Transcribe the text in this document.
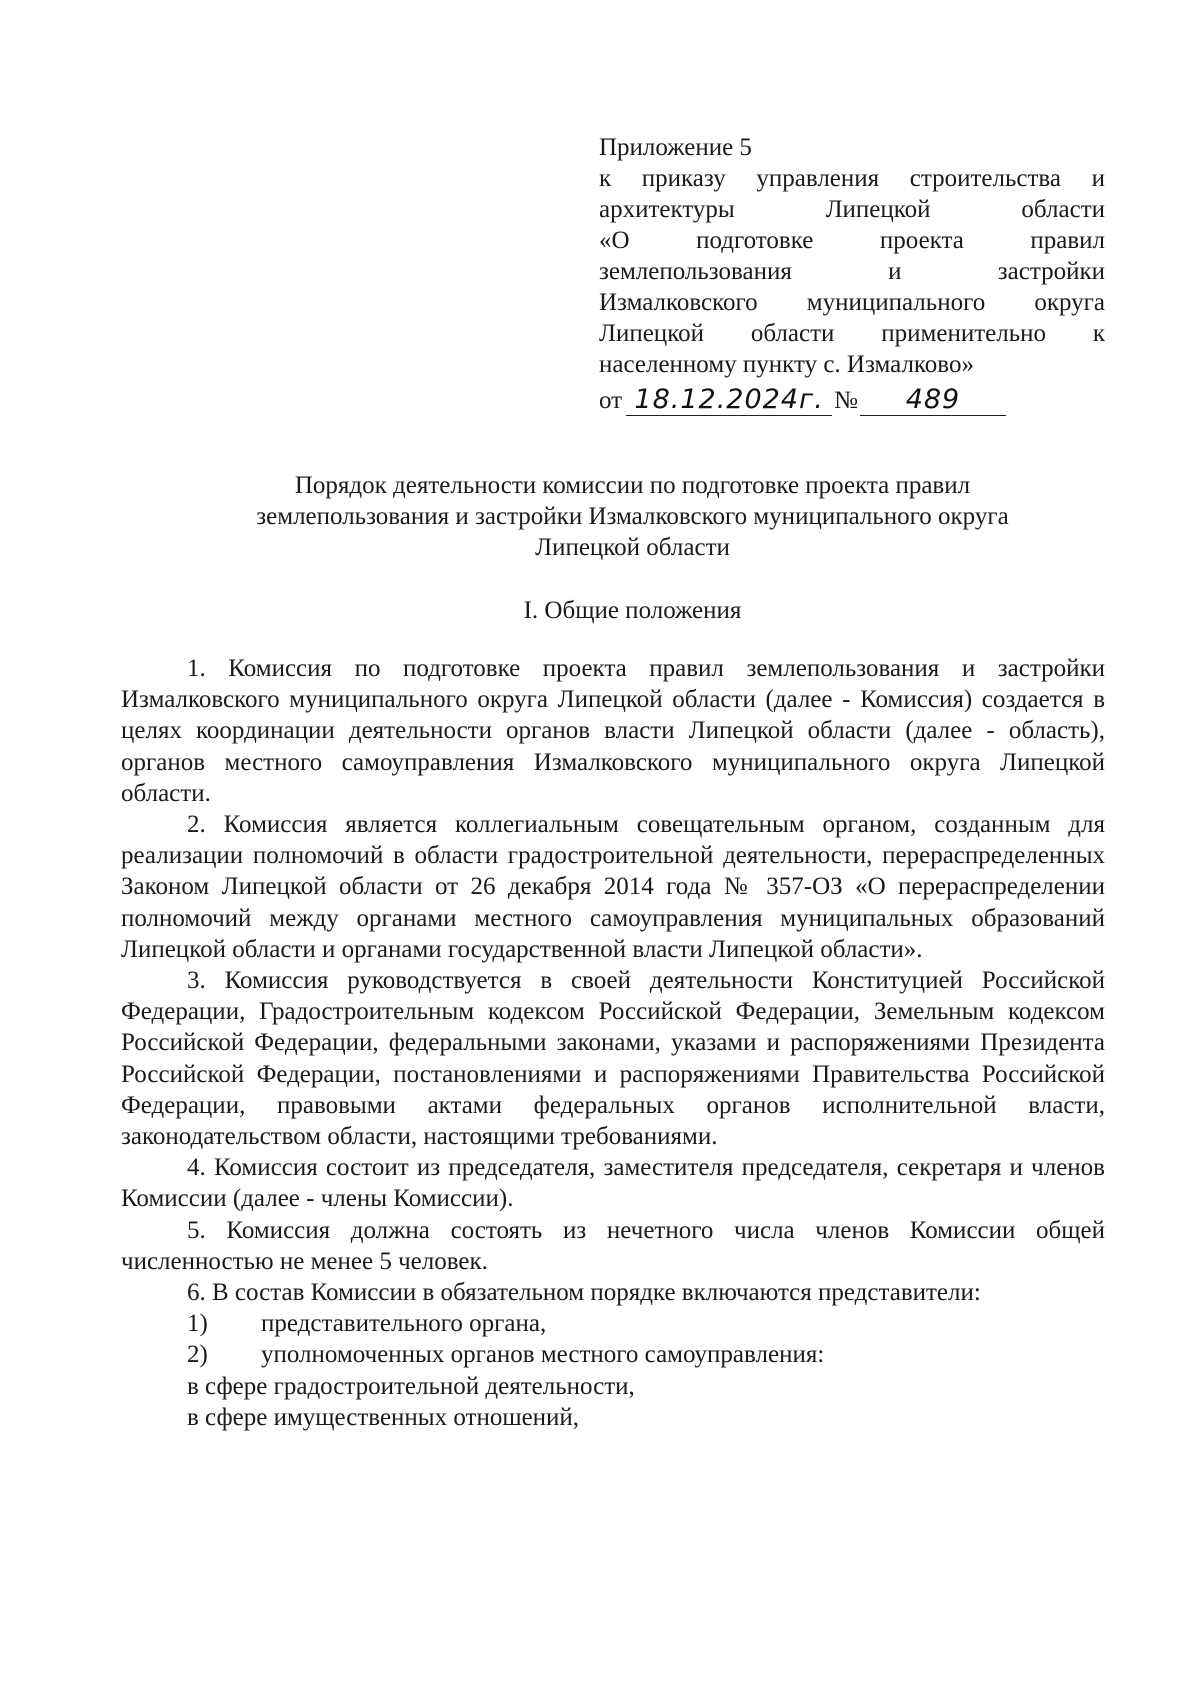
Приложение 5
к приказу управления строительства и
архитектуры Липецкой области
«О подготовке проекта правил
землепользования и застройки
Измалковского муниципального округа
Липецкой области применительно к
населенному пункту с. Измалково»
от 18.12.2024г. №	489
Порядок деятельности комиссии по подготовке проекта правил
землепользования и застройки Измалковского муниципального округа
Липецкой области
I. Общие положения

1. Комиссия по подготовке проекта правил землепользования и застройки Измалковского муниципального округа Липецкой области (далее - Комиссия) создается в целях координации деятельности органов власти Липецкой области (далее - область), органов местного самоуправления Измалковского муниципального округа Липецкой области.

2. Комиссия является коллегиальным совещательным органом, созданным для реализации полномочий в области градостроительной деятельности, перераспределенных Законом Липецкой области от 26 декабря 2014 года № 357-ОЗ «О перераспределении полномочий между органами местного самоуправления муниципальных образований Липецкой области и органами государственной власти Липецкой области».

3. Комиссия руководствуется в своей деятельности Конституцией Российской Федерации, Градостроительным кодексом Российской Федерации, Земельным кодексом Российской Федерации, федеральными законами, указами и распоряжениями Президента Российской Федерации, постановлениями и распоряжениями Правительства Российской Федерации, правовыми актами федеральных органов исполнительной власти, законодательством области, настоящими требованиями.

4. Комиссия состоит из председателя, заместителя председателя, секретаря и членов Комиссии (далее - члены Комиссии).

5. Комиссия должна состоять из нечетного числа членов Комиссии общей численностью не менее 5 человек.

6. В состав Комиссии в обязательном порядке включаются представители:

1)	представительного органа,
2)	уполномоченных органов местного самоуправления:
в сфере градостроительной деятельности,
в сфере имущественных отношений,
